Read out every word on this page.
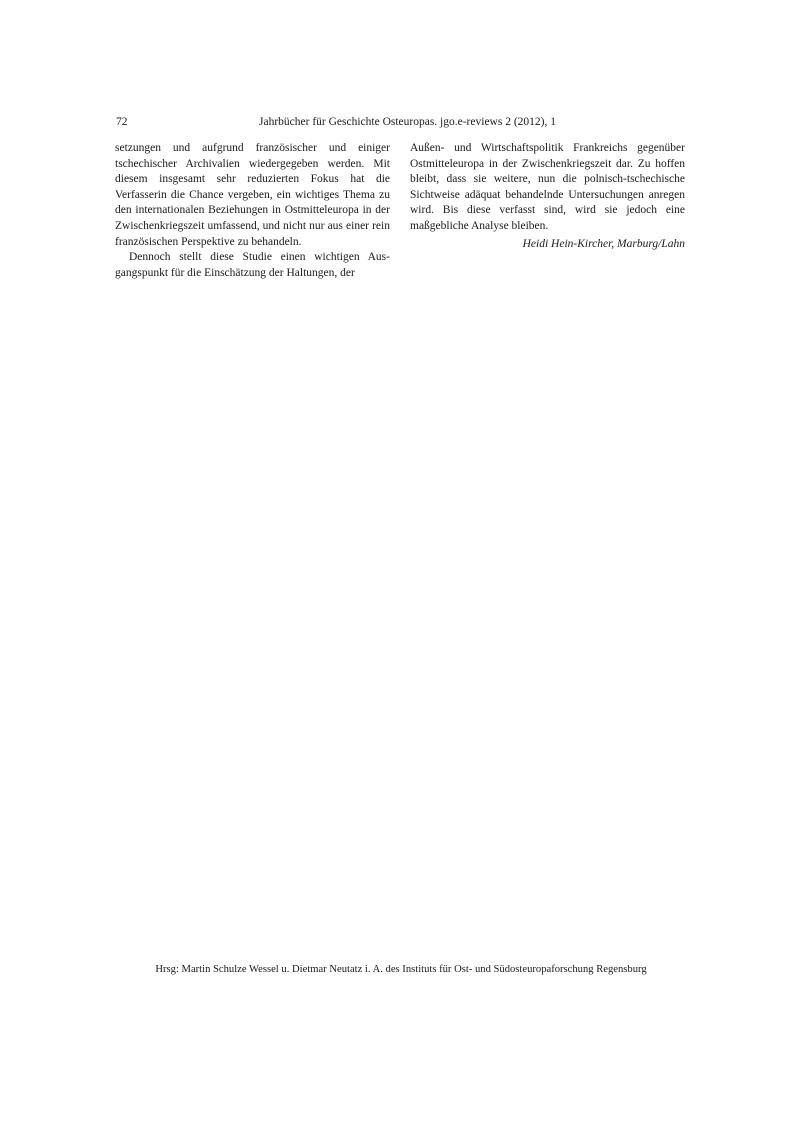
72	Jahrbücher für Geschichte Osteuropas. jgo.e-reviews 2 (2012), 1

setzungen und aufgrund französischer und einiger tschechischer Archivalien wiedergegeben werden. Mit diesem insgesamt sehr reduzierten Fokus hat die Verfasserin die Chance vergeben, ein wichtiges Thema zu den internationalen Beziehungen in Ostmitteleuropa in der Zwischenkriegszeit umfassend, und nicht nur aus einer rein französischen Perspektive zu behandeln.

Dennoch stellt diese Studie einen wichtigen Ausgangspunkt für die Einschätzung der Haltungen, der

Außen- und Wirtschaftspolitik Frankreichs gegenüber Ostmitteleuropa in der Zwischenkriegszeit dar. Zu hoffen bleibt, dass sie weitere, nun die polnisch-tschechische Sichtweise adäquat behandelnde Untersuchungen anregen wird. Bis diese verfasst sind, wird sie jedoch eine maßgebliche Analyse bleiben.

Heidi Hein-Kircher, Marburg/Lahn
Hrsg: Martin Schulze Wessel u. Dietmar Neutatz i. A. des Instituts für Ost- und Südosteuropaforschung Regensburg
